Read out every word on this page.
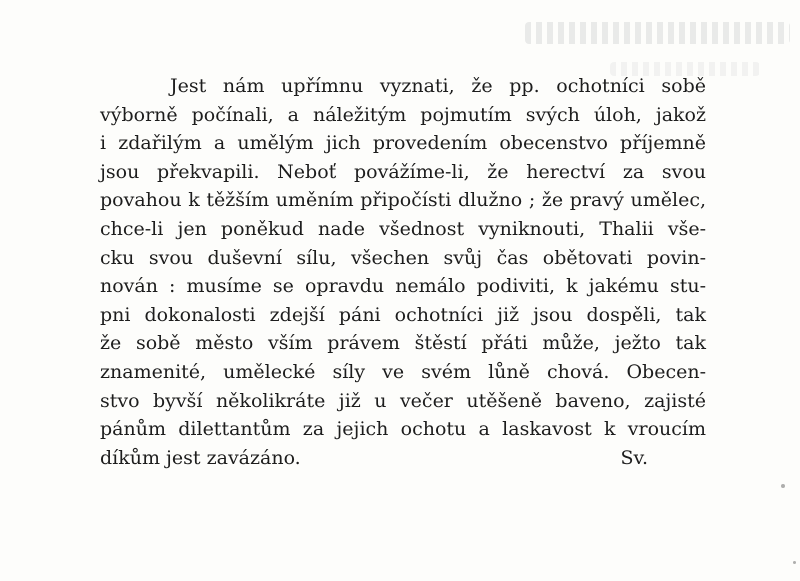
Jest nám upřímnu vyznati, že pp. ochotníci sobě
výborně počínali, a náležitým pojmutím svých úloh, jakož
i zdařilým a umělým jich provedením obecenstvo příjemně
jsou překvapili. Neboť povážíme-li, že herectví za svou
povahou k těžším uměním připočísti dlužno ; že pravý umělec,
chce-li jen poněkud nade všednost vyniknouti, Thalii vše-
cku svou duševní sílu, všechen svůj čas obětovati povin-
nován : musíme se opravdu nemálo podiviti, k jakému stu-
pni dokonalosti zdejší páni ochotníci již jsou dospěli, tak
že sobě město vším právem štěstí přáti může, ježto tak
znamenité, umělecké síly ve svém lůně chová. Obecen-
stvo byvší několikráte již u večer utěšeně baveno, zajisté
pánům dilettantům za jejich ochotu a laskavost k vroucím
díkům jest zavázáno.	Sv.
